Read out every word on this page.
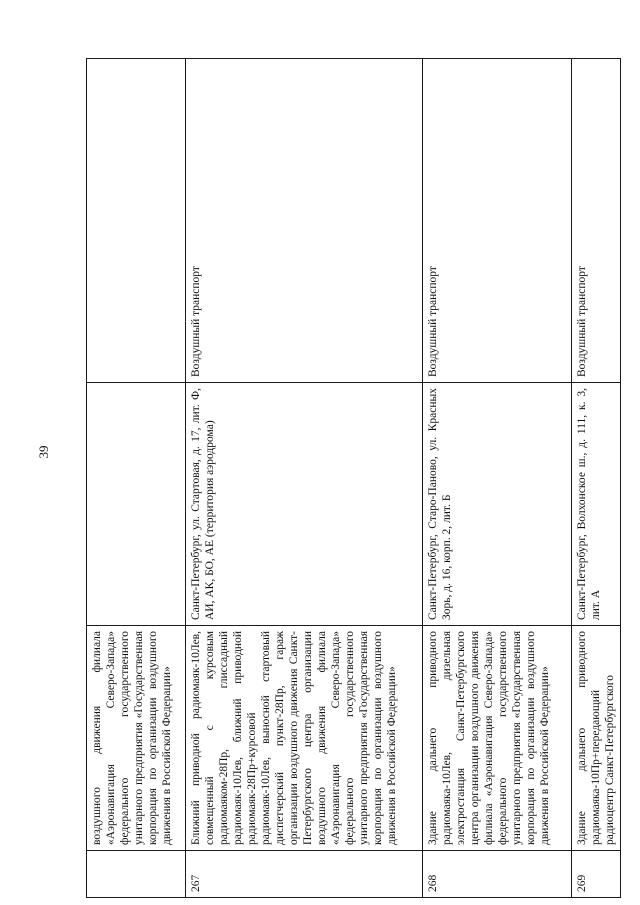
39
	воздушного движения филиала «Аэронавигация Северо-Запада» федерального государственного унитарного предприятия «Государственная корпорация по организации воздушного движения в Российской Федерации»		
267	Ближний приводной радиомаяк-10Лев, совмещенный с курсовым радиомаяком-28Пр, глиссадный радиомаяк-10Лев, ближний приводной радиомаяк-28Пр+курсовой радиомаяк-10Лев, выносной стартовый диспетчерский пункт-28Пр, гараж организации воздушного движения Санкт-Петербургского центра организации воздушного движения филиала «Аэронавигация Северо-Запада» федерального государственного унитарного предприятия «Государственная корпорация по организации воздушного движения в Российской Федерации»	Санкт-Петербург, ул. Стартовая, д. 17, лит. Ф, АИ, АК, БО, АЕ (территория аэродрома)	Воздушный транспорт
268	Здание дальнего приводного радиомаяка-10Лев, дизельная электростанция Санкт-Петербургского центра организации воздушного движения филиала «Аэронавигация Северо-Запада» федерального государственного унитарного предприятия «Государственная корпорация по организации воздушного движения в Российской Федерации»	Санкт-Петербург, Старо-Паново, ул. Красных Зорь, д. 16, корп. 2, лит. Б	Воздушный транспорт
269	Здание дальнего приводного радиомаяка-10Пр+передающий радиоцентр Санкт-Петербургского	Санкт-Петербург, Волхонское ш., д. 111, к. 3, лит. А	Воздушный транспорт
